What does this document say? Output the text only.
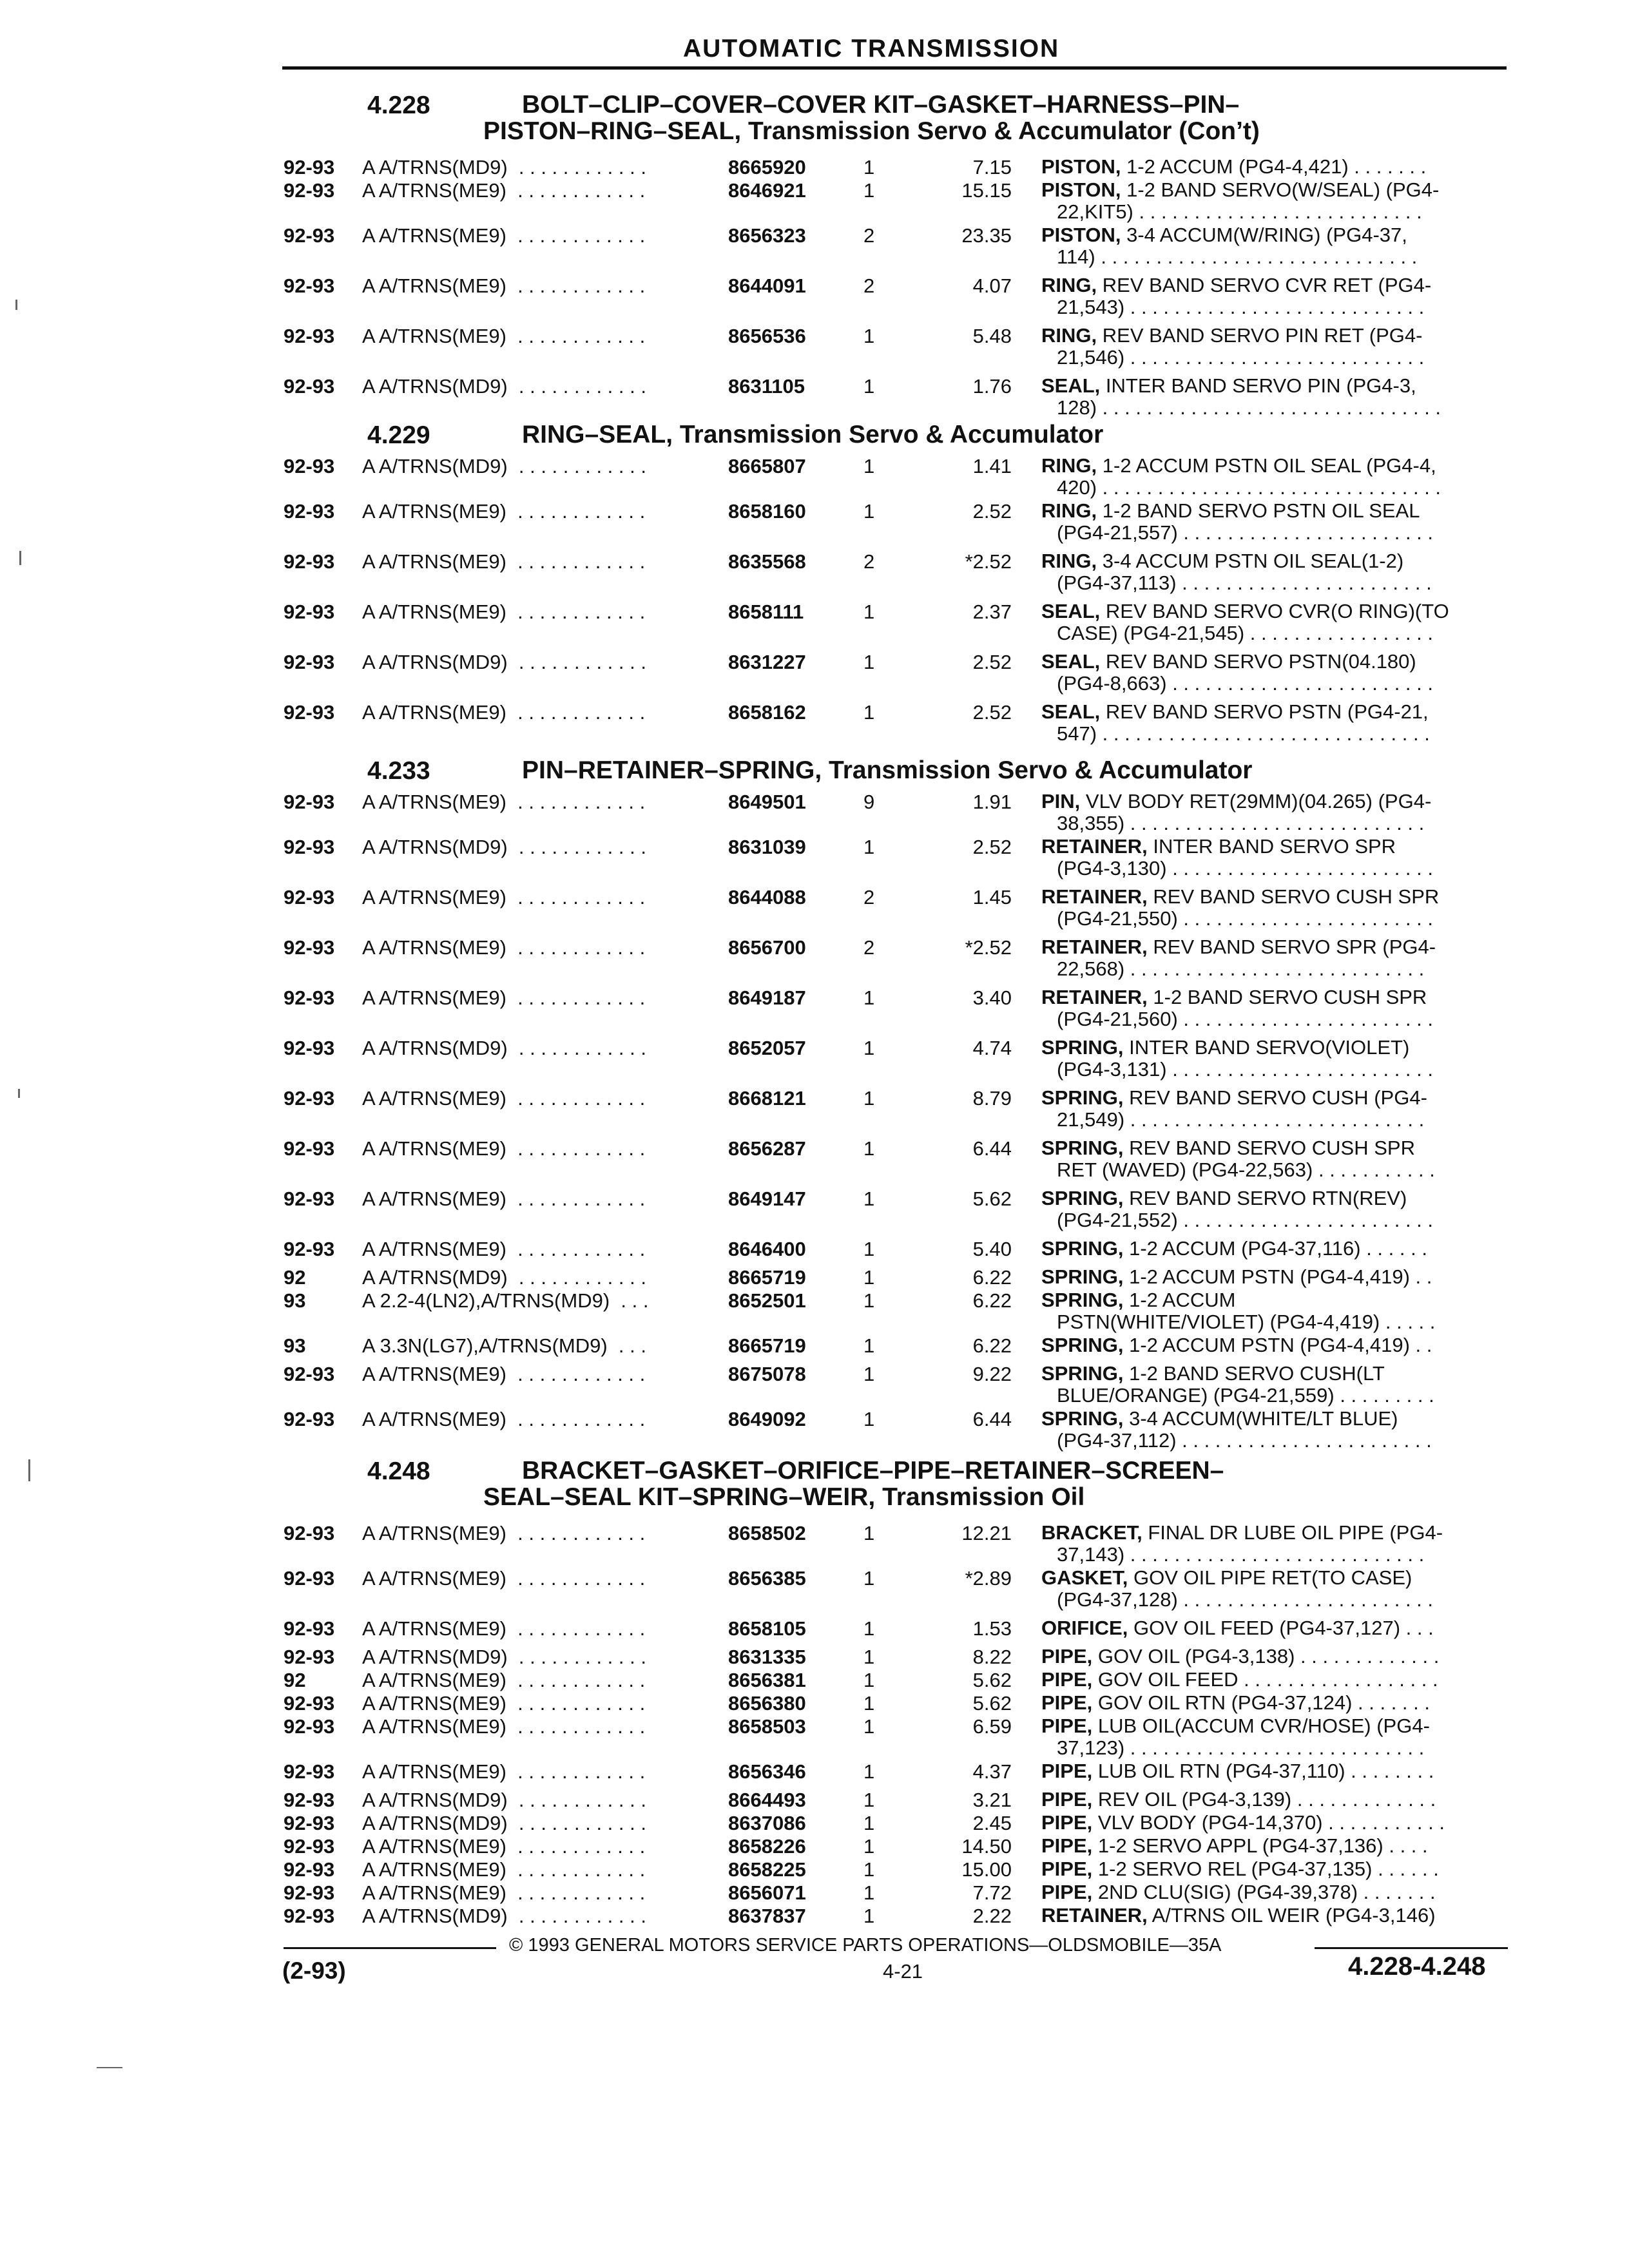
AUTOMATIC TRANSMISSION
4.228	BOLT–CLIP–COVER–COVER KIT–GASKET–HARNESS–PIN–
PISTON–RING–SEAL, Transmission Servo & Accumulator (Con’t)
92-93 A A/TRNS(MD9)  . . . . . . . . . . . .	8665920	1	7.15 PISTON, 1-2 ACCUM (PG4-4,421) . . . . . . .
92-93 A A/TRNS(ME9)  . . . . . . . . . . . .	8646921	1	15.15 PISTON, 1-2 BAND SERVO(W/SEAL) (PG4-
22,KIT5) . . . . . . . . . . . . . . . . . . . . . . . . . .
92-93 A A/TRNS(ME9)  . . . . . . . . . . . .	8656323	2	23.35 PISTON, 3-4 ACCUM(W/RING) (PG4-37,
114) . . . . . . . . . . . . . . . . . . . . . . . . . . . . .
92-93 A A/TRNS(ME9)  . . . . . . . . . . . .	8644091	2	4.07 RING, REV BAND SERVO CVR RET (PG4-
21,543) . . . . . . . . . . . . . . . . . . . . . . . . . . .
92-93 A A/TRNS(ME9)  . . . . . . . . . . . .	8656536	1	5.48 RING, REV BAND SERVO PIN RET (PG4-
21,546) . . . . . . . . . . . . . . . . . . . . . . . . . . .
92-93 A A/TRNS(MD9)  . . . . . . . . . . . .	8631105	1	1.76 SEAL, INTER BAND SERVO PIN (PG4-3,
128) . . . . . . . . . . . . . . . . . . . . . . . . . . . . . . .
4.229	RING–SEAL, Transmission Servo & Accumulator
92-93 A A/TRNS(MD9)  . . . . . . . . . . . .	8665807	1	1.41 RING, 1-2 ACCUM PSTN OIL SEAL (PG4-4,
420) . . . . . . . . . . . . . . . . . . . . . . . . . . . . . . .
92-93 A A/TRNS(ME9)  . . . . . . . . . . . .	8658160	1	2.52 RING, 1-2 BAND SERVO PSTN OIL SEAL
(PG4-21,557) . . . . . . . . . . . . . . . . . . . . . . .
92-93 A A/TRNS(ME9)  . . . . . . . . . . . .	8635568	2	*2.52 RING, 3-4 ACCUM PSTN OIL SEAL(1-2)
(PG4-37,113) . . . . . . . . . . . . . . . . . . . . . . .
92-93 A A/TRNS(ME9)  . . . . . . . . . . . .	8658111	1	2.37 SEAL, REV BAND SERVO CVR(O RING)(TO
CASE) (PG4-21,545) . . . . . . . . . . . . . . . . .
92-93 A A/TRNS(MD9)  . . . . . . . . . . . .	8631227	1	2.52 SEAL, REV BAND SERVO PSTN(04.180)
(PG4-8,663) . . . . . . . . . . . . . . . . . . . . . . . .
92-93 A A/TRNS(ME9)  . . . . . . . . . . . .	8658162	1	2.52 SEAL, REV BAND SERVO PSTN (PG4-21,
547) . . . . . . . . . . . . . . . . . . . . . . . . . . . . . .
4.233	PIN–RETAINER–SPRING, Transmission Servo & Accumulator
92-93 A A/TRNS(ME9)  . . . . . . . . . . . .	8649501	9	1.91 PIN, VLV BODY RET(29MM)(04.265) (PG4-
38,355) . . . . . . . . . . . . . . . . . . . . . . . . . . .
92-93 A A/TRNS(MD9)  . . . . . . . . . . . .	8631039	1	2.52 RETAINER, INTER BAND SERVO SPR
(PG4-3,130) . . . . . . . . . . . . . . . . . . . . . . . .
92-93 A A/TRNS(ME9)  . . . . . . . . . . . .	8644088	2	1.45 RETAINER, REV BAND SERVO CUSH SPR
(PG4-21,550) . . . . . . . . . . . . . . . . . . . . . . .
92-93 A A/TRNS(ME9)  . . . . . . . . . . . .	8656700	2	*2.52 RETAINER, REV BAND SERVO SPR (PG4-
22,568) . . . . . . . . . . . . . . . . . . . . . . . . . . .
92-93 A A/TRNS(ME9)  . . . . . . . . . . . .	8649187	1	3.40 RETAINER, 1-2 BAND SERVO CUSH SPR
(PG4-21,560) . . . . . . . . . . . . . . . . . . . . . . .
92-93 A A/TRNS(MD9)  . . . . . . . . . . . .	8652057	1	4.74 SPRING, INTER BAND SERVO(VIOLET)
(PG4-3,131) . . . . . . . . . . . . . . . . . . . . . . . .
92-93 A A/TRNS(ME9)  . . . . . . . . . . . .	8668121	1	8.79 SPRING, REV BAND SERVO CUSH (PG4-
21,549) . . . . . . . . . . . . . . . . . . . . . . . . . . .
92-93 A A/TRNS(ME9)  . . . . . . . . . . . .	8656287	1	6.44 SPRING, REV BAND SERVO CUSH SPR
RET (WAVED) (PG4-22,563) . . . . . . . . . . .
92-93 A A/TRNS(ME9)  . . . . . . . . . . . .	8649147	1	5.62 SPRING, REV BAND SERVO RTN(REV)
(PG4-21,552) . . . . . . . . . . . . . . . . . . . . . . .
92-93 A A/TRNS(ME9)  . . . . . . . . . . . .	8646400	1	5.40 SPRING, 1-2 ACCUM (PG4-37,116) . . . . . .
92	A A/TRNS(MD9)  . . . . . . . . . . . .	8665719	1	6.22 SPRING, 1-2 ACCUM PSTN (PG4-4,419) . .
93	A 2.2-4(LN2),A/TRNS(MD9)  . . .	8652501	1	6.22 SPRING, 1-2 ACCUM
PSTN(WHITE/VIOLET) (PG4-4,419) . . . . .
93	A 3.3N(LG7),A/TRNS(MD9)  . . .	8665719	1	6.22 SPRING, 1-2 ACCUM PSTN (PG4-4,419) . .
92-93 A A/TRNS(ME9)  . . . . . . . . . . . .	8675078	1	9.22 SPRING, 1-2 BAND SERVO CUSH(LT
BLUE/ORANGE) (PG4-21,559) . . . . . . . . .
92-93 A A/TRNS(ME9)  . . . . . . . . . . . .	8649092	1	6.44 SPRING, 3-4 ACCUM(WHITE/LT BLUE)
(PG4-37,112) . . . . . . . . . . . . . . . . . . . . . . .
4.248	BRACKET–GASKET–ORIFICE–PIPE–RETAINER–SCREEN–
SEAL–SEAL KIT–SPRING–WEIR, Transmission Oil
92-93 A A/TRNS(ME9)  . . . . . . . . . . . .	8658502	1	12.21 BRACKET, FINAL DR LUBE OIL PIPE (PG4-
37,143) . . . . . . . . . . . . . . . . . . . . . . . . . . .
92-93 A A/TRNS(ME9)  . . . . . . . . . . . .	8656385	1	*2.89 GASKET, GOV OIL PIPE RET(TO CASE)
(PG4-37,128) . . . . . . . . . . . . . . . . . . . . . . .
92-93 A A/TRNS(ME9)  . . . . . . . . . . . .	8658105	1	1.53 ORIFICE, GOV OIL FEED (PG4-37,127) . . .
92-93 A A/TRNS(MD9)  . . . . . . . . . . . .	8631335	1	8.22 PIPE, GOV OIL (PG4-3,138) . . . . . . . . . . . . .
92	A A/TRNS(ME9)  . . . . . . . . . . . .	8656381	1	5.62 PIPE, GOV OIL FEED . . . . . . . . . . . . . . . . . .
92-93 A A/TRNS(ME9)  . . . . . . . . . . . .	8656380	1	5.62 PIPE, GOV OIL RTN (PG4-37,124) . . . . . . .
92-93 A A/TRNS(ME9)  . . . . . . . . . . . .	8658503	1	6.59 PIPE, LUB OIL(ACCUM CVR/HOSE) (PG4-
37,123) . . . . . . . . . . . . . . . . . . . . . . . . . . .
92-93 A A/TRNS(ME9)  . . . . . . . . . . . .	8656346	1	4.37 PIPE, LUB OIL RTN (PG4-37,110) . . . . . . . .
92-93 A A/TRNS(MD9)  . . . . . . . . . . . .	8664493	1	3.21 PIPE, REV OIL (PG4-3,139) . . . . . . . . . . . . .
92-93 A A/TRNS(MD9)  . . . . . . . . . . . .	8637086	1	2.45 PIPE, VLV BODY (PG4-14,370) . . . . . . . . . . .
92-93 A A/TRNS(ME9)  . . . . . . . . . . . .	8658226	1	14.50 PIPE, 1-2 SERVO APPL (PG4-37,136) . . . .
92-93 A A/TRNS(ME9)  . . . . . . . . . . . .	8658225	1	15.00 PIPE, 1-2 SERVO REL (PG4-37,135) . . . . . .
92-93 A A/TRNS(ME9)  . . . . . . . . . . . .	8656071	1	7.72 PIPE, 2ND CLU(SIG) (PG4-39,378) . . . . . . .
92-93 A A/TRNS(MD9)  . . . . . . . . . . . .	8637837	1	2.22 RETAINER, A/TRNS OIL WEIR (PG4-3,146)
© 1993 GENERAL MOTORS SERVICE PARTS OPERATIONS—OLDSMOBILE—35A
(2-93)	4-21	4.228-4.248
